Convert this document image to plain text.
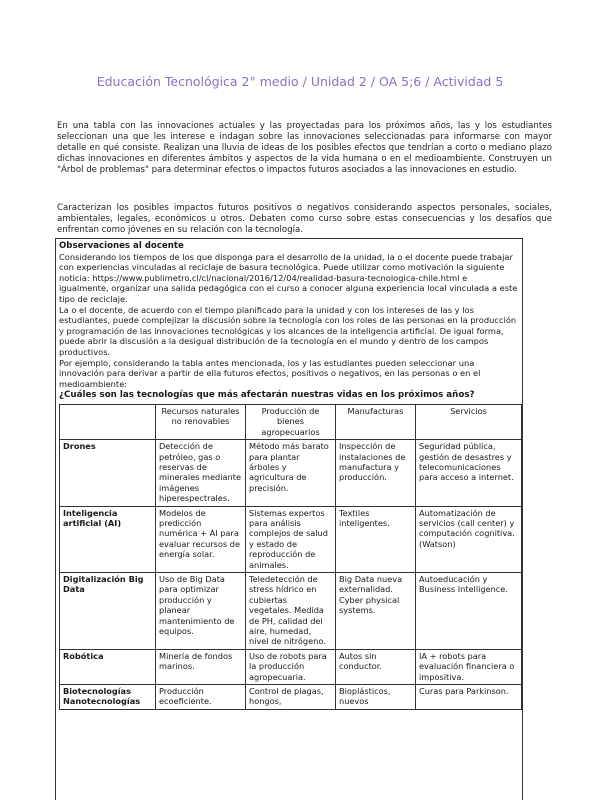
Educación Tecnológica 2° medio / Unidad 2 / OA 5;6 / Actividad 5

En una tabla con las innovaciones actuales y las proyectadas para los próximos años, las y los estudiantes seleccionan una que les interese e indagan sobre las innovaciones seleccionadas para informarse con mayor detalle en qué consiste. Realizan una lluvia de ideas de los posibles efectos que tendrían a corto o mediano plazo dichas innovaciones en diferentes ámbitos y aspectos de la vida humana o en el medioambiente. Construyen un "Árbol de problemas" para determinar efectos o impactos futuros asociados a las innovaciones en estudio.

Caracterizan los posibles impactos futuros positivos o negativos considerando aspectos personales, sociales, ambientales, legales, económicos u otros. Debaten como curso sobre estas consecuencias y los desafíos que enfrentan como jóvenes en su relación con la tecnología.

Observaciones al docente

Considerando los tiempos de los que disponga para el desarrollo de la unidad, la o el docente puede trabajar con experiencias vinculadas al reciclaje de basura tecnológica. Puede utilizar como motivación la siguiente noticia: https://www.publimetro.cl/cl/nacional/2016/12/04/realidad-basura-tecnologica-chile.html e igualmente, organizar una salida pedagógica con el curso a conocer alguna experiencia local vinculada a este tipo de reciclaje.

La o el docente, de acuerdo con el tiempo planificado para la unidad y con los intereses de las y los estudiantes, puede complejizar la discusión sobre la tecnología con los roles de las personas en la producción y programación de las innovaciones tecnológicas y los alcances de la inteligencia artificial. De igual forma, puede abrir la discusión a la desigual distribución de la tecnología en el mundo y dentro de los campos productivos.

Por ejemplo, considerando la tabla antes mencionada, los y las estudiantes pueden seleccionar una innovación para derivar a partir de ella futuros efectos, positivos o negativos, en las personas o en el medioambiente:

¿Cuáles son las tecnologías que más afectarán nuestras vidas en los próximos años?

	Recursos naturales no renovables	Producción de bienes agropecuarios	Manufacturas	Servicios
Drones	Detección de petróleo, gas o reservas de minerales mediante imágenes hiperespectrales.	Método más barato para plantar árboles y agricultura de precisión.	Inspección de instalaciones de manufactura y producción.	Seguridad pública, gestión de desastres y telecomunicaciones para acceso a internet.
Inteligencia artificial (AI)	Modelos de predicción numérica + AI para evaluar recursos de energía solar.	Sistemas expertos para análisis complejos de salud y estado de reproducción de animales.	Textiles inteligentes.	Automatización de servicios (call center) y computación cognitiva. (Watson)
Digitalización Big Data	Uso de Big Data para optimizar producción y planear mantenimiento de equipos.	Teledetección de stress hídrico en cubiertas vegetales. Medida de PH, calidad del aire, humedad, nivel de nitrógeno.	Big Data nueva externalidad. Cyber physical systems.	Autoeducación y Business Intelligence.
Robótica	Minería de fondos marinos.	Uso de robots para la producción agropecuaria.	Autos sin conductor.	IA + robots para evaluación financiera o impositiva.
Biotecnologías Nanotecnologías	Producción ecoeficiente.	Control de plagas, hongos,	Bioplásticos, nuevos	Curas para Parkinson.
